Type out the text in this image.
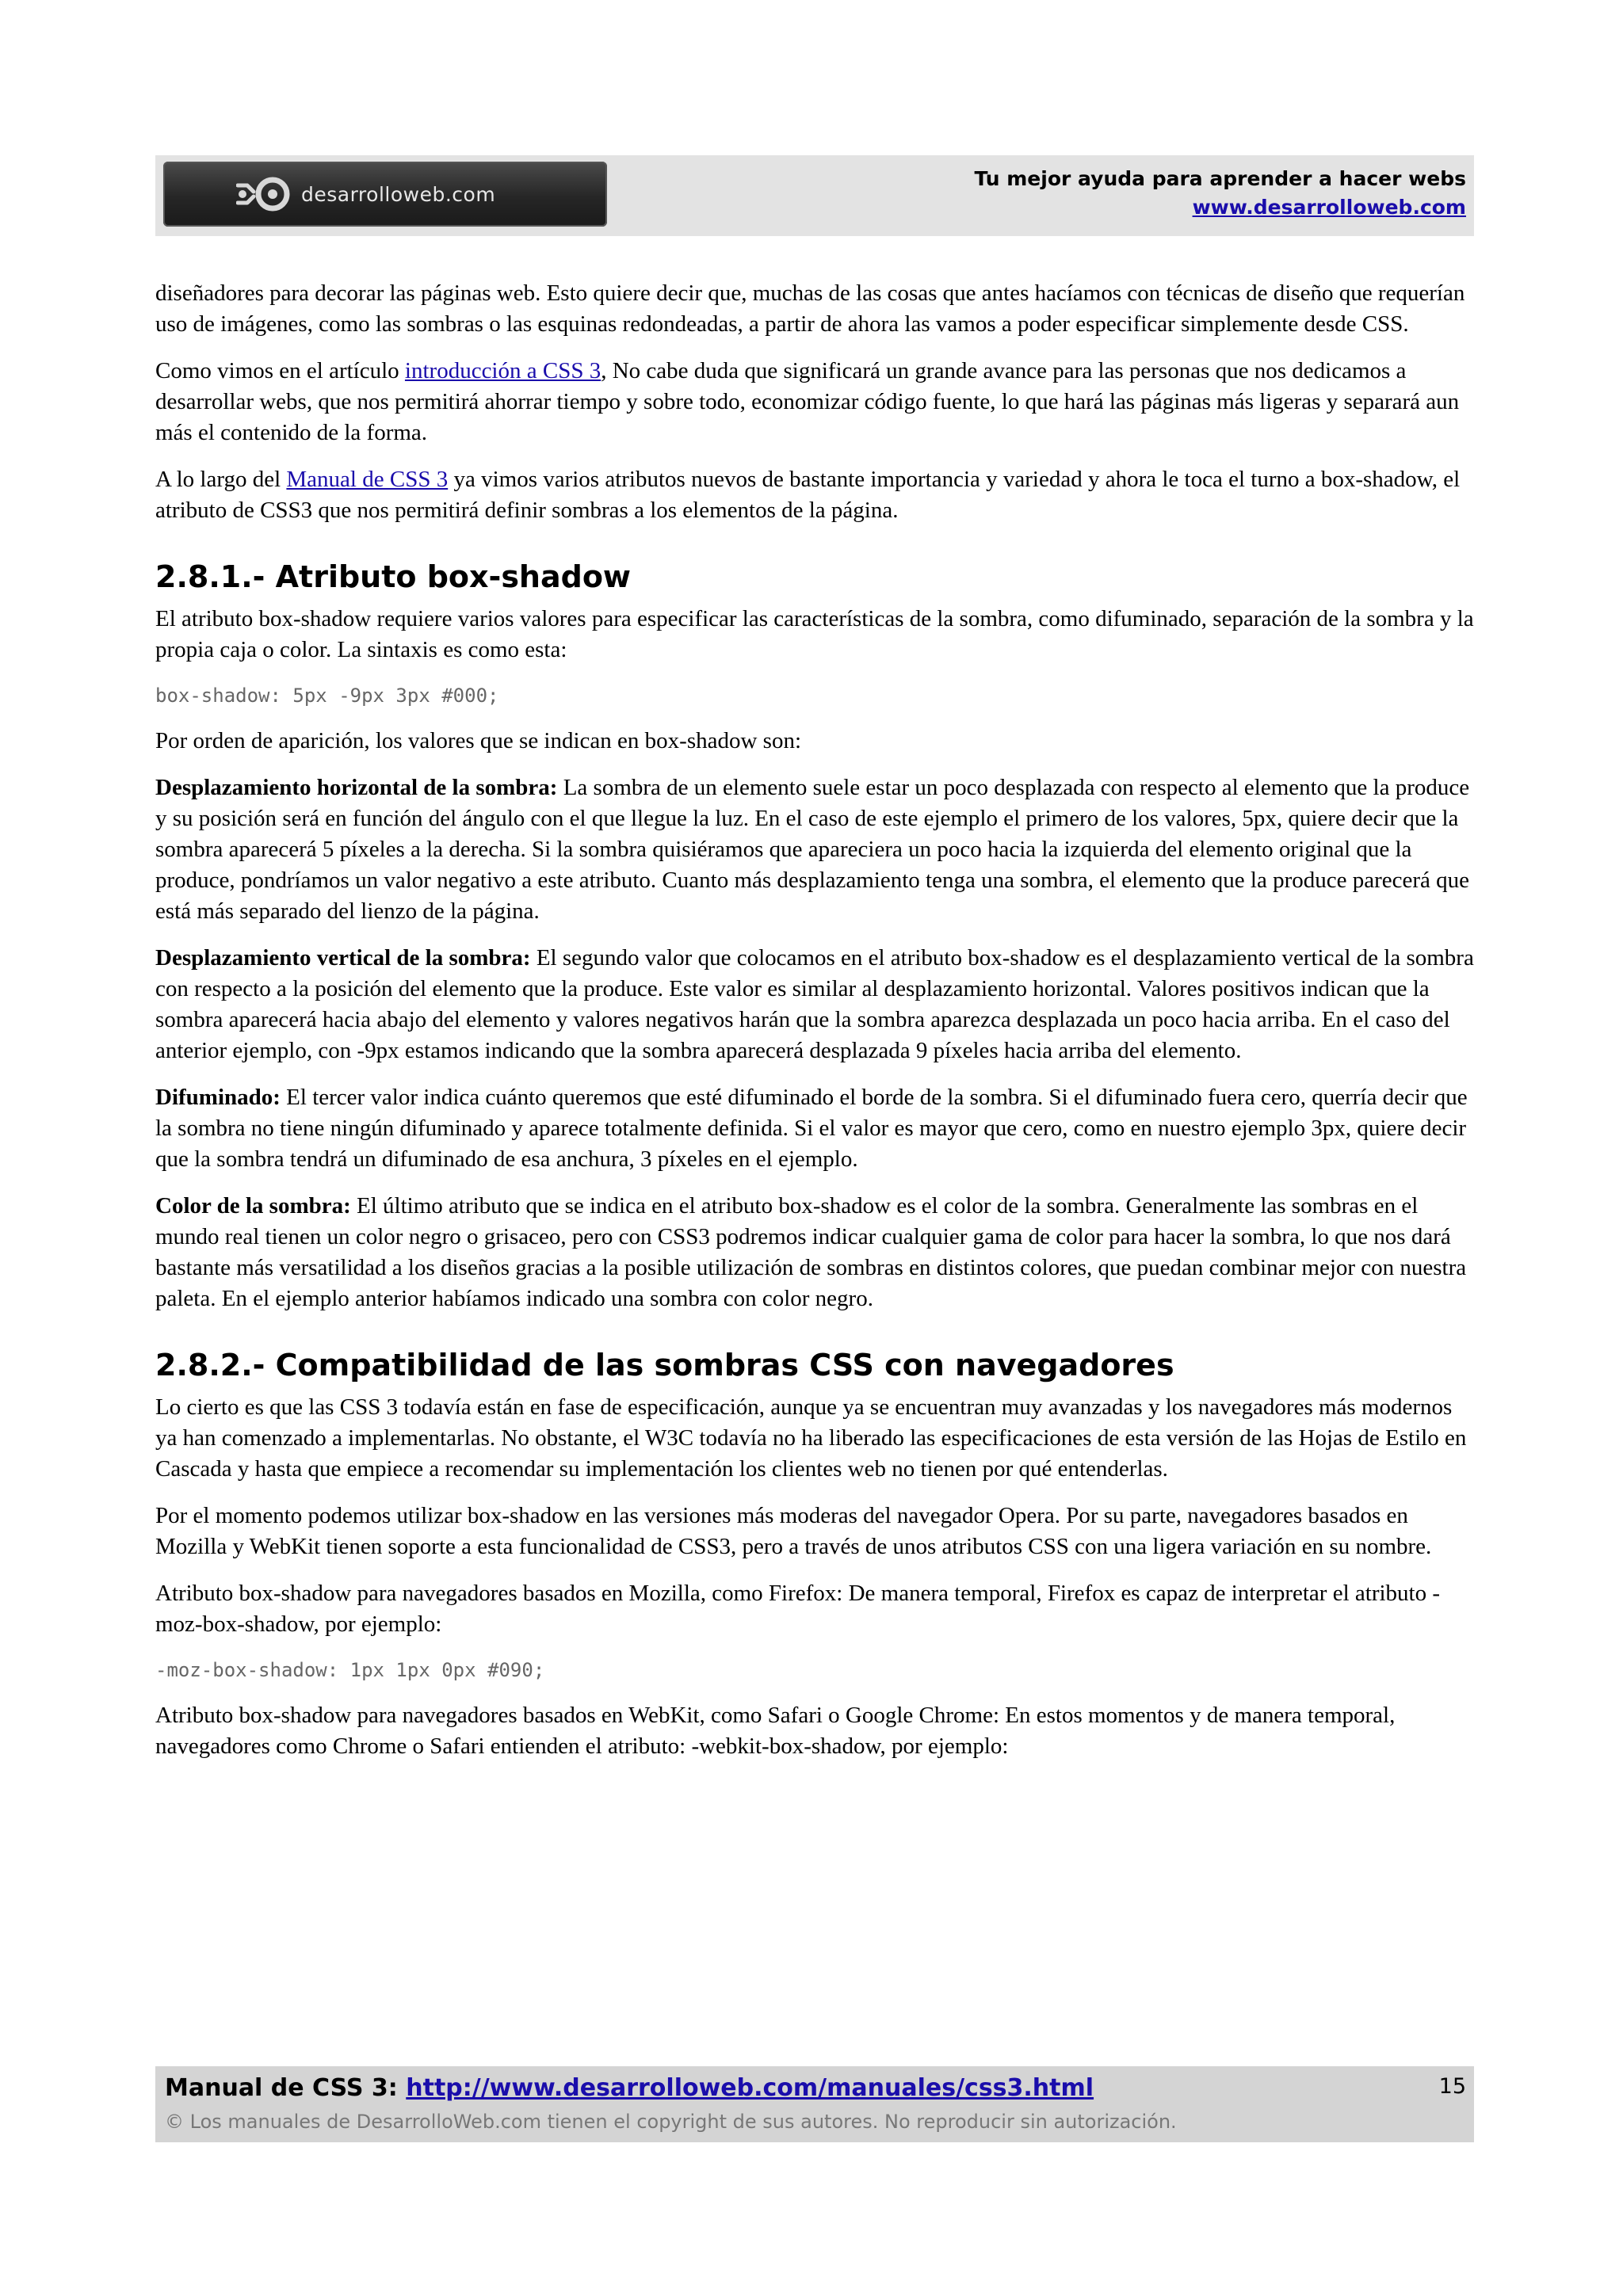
desarrolloweb.com
Tu mejor ayuda para aprender a hacer webs
www.desarrolloweb.com

diseñadores para decorar las páginas web. Esto quiere decir que, muchas de las cosas que antes hacíamos con técnicas de diseño que requerían uso de imágenes, como las sombras o las esquinas redondeadas, a partir de ahora las vamos a poder especificar simplemente desde CSS.

Como vimos en el artículo introducción a CSS 3, No cabe duda que significará un grande avance para las personas que nos dedicamos a desarrollar webs, que nos permitirá ahorrar tiempo y sobre todo, economizar código fuente, lo que hará las páginas más ligeras y separará aun más el contenido de la forma.

A lo largo del Manual de CSS 3 ya vimos varios atributos nuevos de bastante importancia y variedad y ahora le toca el turno a box-shadow, el atributo de CSS3 que nos permitirá definir sombras a los elementos de la página.

2.8.1.- Atributo box-shadow

El atributo box-shadow requiere varios valores para especificar las características de la sombra, como difuminado, separación de la sombra y la propia caja o color. La sintaxis es como esta:

box-shadow: 5px -9px 3px #000;

Por orden de aparición, los valores que se indican en box-shadow son:

Desplazamiento horizontal de la sombra: La sombra de un elemento suele estar un poco desplazada con respecto al elemento que la produce y su posición será en función del ángulo con el que llegue la luz. En el caso de este ejemplo el primero de los valores, 5px, quiere decir que la sombra aparecerá 5 píxeles a la derecha. Si la sombra quisiéramos que apareciera un poco hacia la izquierda del elemento original que la produce, pondríamos un valor negativo a este atributo. Cuanto más desplazamiento tenga una sombra, el elemento que la produce parecerá que está más separado del lienzo de la página.

Desplazamiento vertical de la sombra: El segundo valor que colocamos en el atributo box-shadow es el desplazamiento vertical de la sombra con respecto a la posición del elemento que la produce. Este valor es similar al desplazamiento horizontal. Valores positivos indican que la sombra aparecerá hacia abajo del elemento y valores negativos harán que la sombra aparezca desplazada un poco hacia arriba. En el caso del anterior ejemplo, con -9px estamos indicando que la sombra aparecerá desplazada 9 píxeles hacia arriba del elemento.

Difuminado: El tercer valor indica cuánto queremos que esté difuminado el borde de la sombra. Si el difuminado fuera cero, querría decir que la sombra no tiene ningún difuminado y aparece totalmente definida. Si el valor es mayor que cero, como en nuestro ejemplo 3px, quiere decir que la sombra tendrá un difuminado de esa anchura, 3 píxeles en el ejemplo.

Color de la sombra: El último atributo que se indica en el atributo box-shadow es el color de la sombra. Generalmente las sombras en el mundo real tienen un color negro o grisaceo, pero con CSS3 podremos indicar cualquier gama de color para hacer la sombra, lo que nos dará bastante más versatilidad a los diseños gracias a la posible utilización de sombras en distintos colores, que puedan combinar mejor con nuestra paleta. En el ejemplo anterior habíamos indicado una sombra con color negro.

2.8.2.- Compatibilidad de las sombras CSS con navegadores

Lo cierto es que las CSS 3 todavía están en fase de especificación, aunque ya se encuentran muy avanzadas y los navegadores más modernos ya han comenzado a implementarlas. No obstante, el W3C todavía no ha liberado las especificaciones de esta versión de las Hojas de Estilo en Cascada y hasta que empiece a recomendar su implementación los clientes web no tienen por qué entenderlas.

Por el momento podemos utilizar box-shadow en las versiones más moderas del navegador Opera. Por su parte, navegadores basados en Mozilla y WebKit tienen soporte a esta funcionalidad de CSS3, pero a través de unos atributos CSS con una ligera variación en su nombre.

Atributo box-shadow para navegadores basados en Mozilla, como Firefox: De manera temporal, Firefox es capaz de interpretar el atributo -moz-box-shadow, por ejemplo:

-moz-box-shadow: 1px 1px 0px #090;

Atributo box-shadow para navegadores basados en WebKit, como Safari o Google Chrome: En estos momentos y de manera temporal, navegadores como Chrome o Safari entienden el atributo: -webkit-box-shadow, por ejemplo:

Manual de CSS 3: http://www.desarrolloweb.com/manuales/css3.html
© Los manuales de DesarrolloWeb.com tienen el copyright de sus autores. No reproducir sin autorización.
15
